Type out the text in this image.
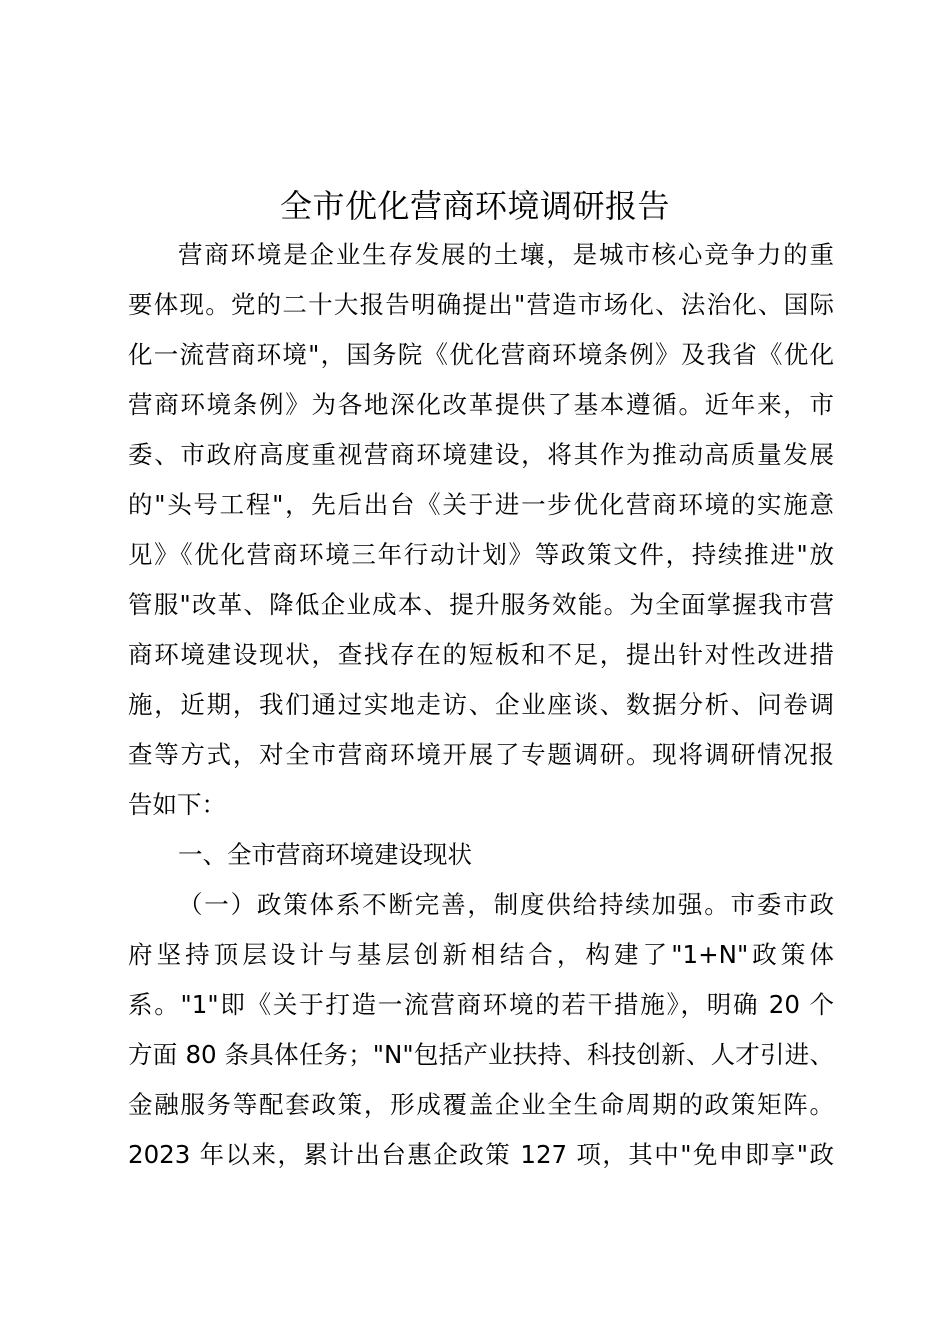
全市优化营商环境调研报告
营商环境是企业生存发展的土壤，是城市核心竞争力的重
要体现。党的二十大报告明确提出"营造市场化、法治化、国际
化一流营商环境"，国务院《优化营商环境条例》及我省《优化
营商环境条例》为各地深化改革提供了基本遵循。近年来，市
委、市政府高度重视营商环境建设，将其作为推动高质量发展
的"头号工程"，先后出台《关于进一步优化营商环境的实施意
见》《优化营商环境三年行动计划》等政策文件，持续推进"放
管服"改革、降低企业成本、提升服务效能。为全面掌握我市营
商环境建设现状，查找存在的短板和不足，提出针对性改进措
施，近期，我们通过实地走访、企业座谈、数据分析、问卷调
查等方式，对全市营商环境开展了专题调研。现将调研情况报
告如下：
一、全市营商环境建设现状
（一）政策体系不断完善，制度供给持续加强。市委市政
府坚持顶层设计与基层创新相结合，构建了"1+N"政策体
系。"1"即《关于打造一流营商环境的若干措施》，明确 20 个
方面 80 条具体任务；"N"包括产业扶持、科技创新、人才引进、
金融服务等配套政策，形成覆盖企业全生命周期的政策矩阵。
2023 年以来，累计出台惠企政策 127 项，其中"免申即享"政
